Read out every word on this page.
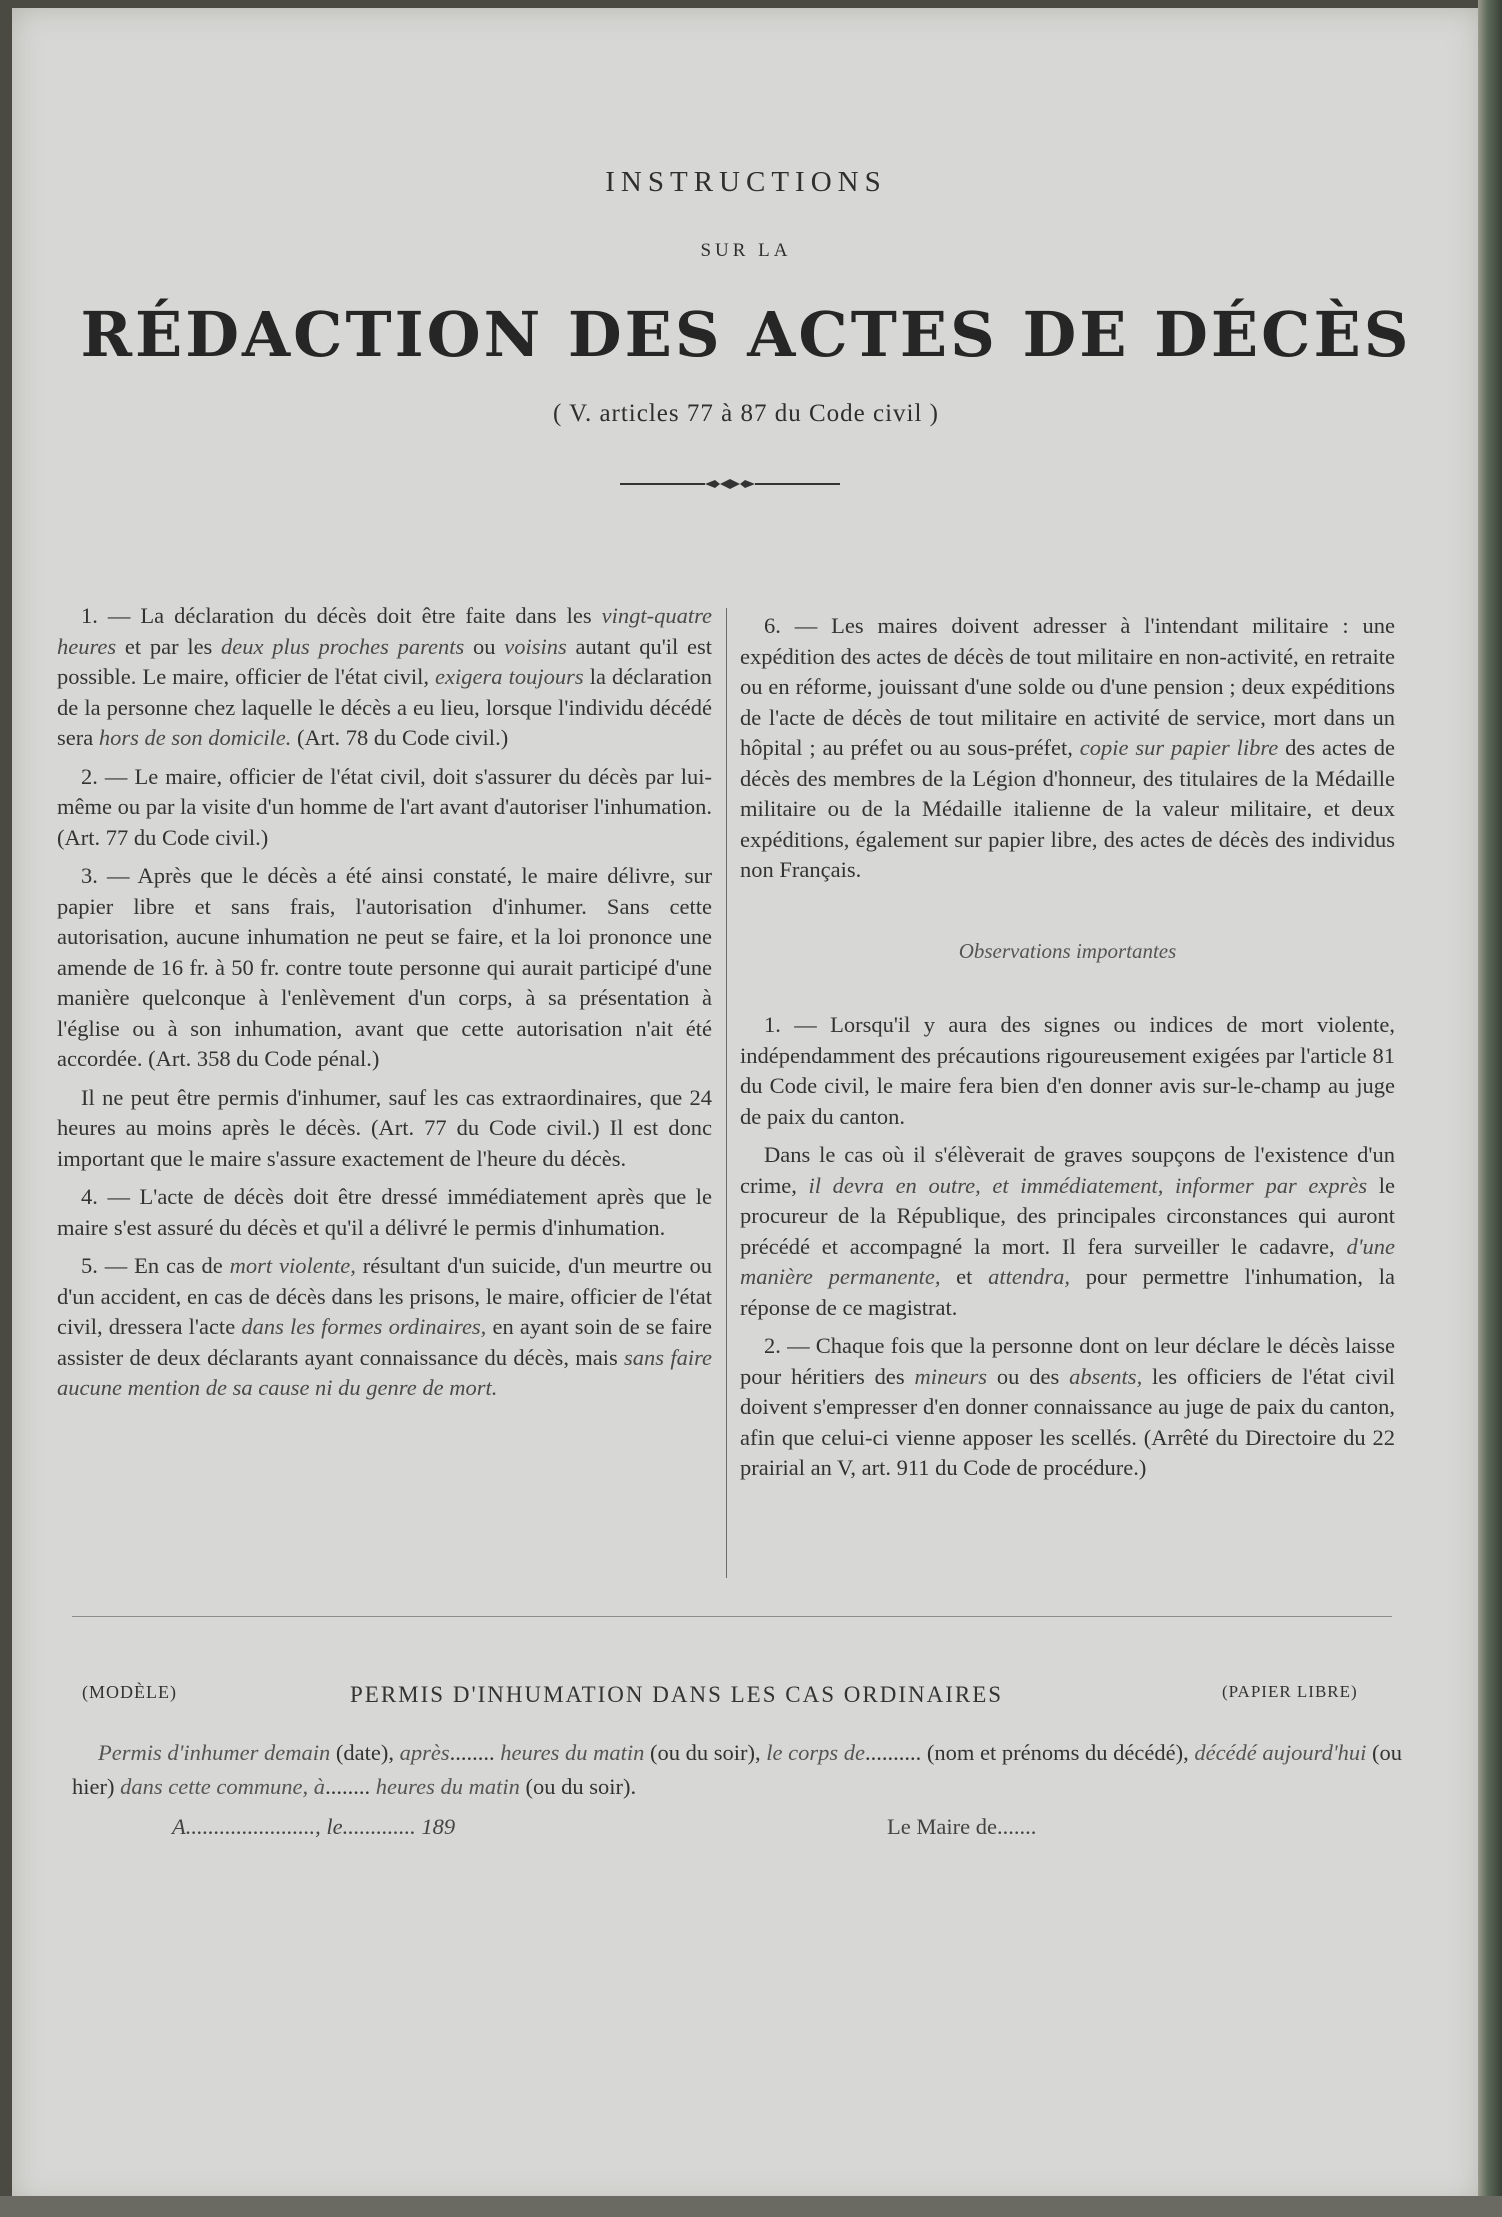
INSTRUCTIONS
SUR LA
RÉDACTION DES ACTES DE DÉCÈS
( V. articles 77 à 87 du Code civil )

1. — La déclaration du décès doit être faite dans les vingt-quatre heures et par les deux plus proches parents ou voisins autant qu'il est possible. Le maire, officier de l'état civil, exigera toujours la déclaration de la personne chez laquelle le décès a eu lieu, lorsque l'individu décédé sera hors de son domicile. (Art. 78 du Code civil.)

2. — Le maire, officier de l'état civil, doit s'assurer du décès par lui-même ou par la visite d'un homme de l'art avant d'autoriser l'inhumation. (Art. 77 du Code civil.)

3. — Après que le décès a été ainsi constaté, le maire délivre, sur papier libre et sans frais, l'autorisation d'inhumer. Sans cette autorisation, aucune inhumation ne peut se faire, et la loi prononce une amende de 16 fr. à 50 fr. contre toute personne qui aurait participé d'une manière quelconque à l'enlèvement d'un corps, à sa présentation à l'église ou à son inhumation, avant que cette autorisation n'ait été accordée. (Art. 358 du Code pénal.)

Il ne peut être permis d'inhumer, sauf les cas extraordinaires, que 24 heures au moins après le décès. (Art. 77 du Code civil.) Il est donc important que le maire s'assure exactement de l'heure du décès.

4. — L'acte de décès doit être dressé immédiatement après que le maire s'est assuré du décès et qu'il a délivré le permis d'inhumation.

5. — En cas de mort violente, résultant d'un suicide, d'un meurtre ou d'un accident, en cas de décès dans les prisons, le maire, officier de l'état civil, dressera l'acte dans les formes ordinaires, en ayant soin de se faire assister de deux déclarants ayant connaissance du décès, mais sans faire aucune mention de sa cause ni du genre de mort.

6. — Les maires doivent adresser à l'intendant militaire : une expédition des actes de décès de tout militaire en non-activité, en retraite ou en réforme, jouissant d'une solde ou d'une pension ; deux expéditions de l'acte de décès de tout militaire en activité de service, mort dans un hôpital ; au préfet ou au sous-préfet, copie sur papier libre des actes de décès des membres de la Légion d'honneur, des titulaires de la Médaille militaire ou de la Médaille italienne de la valeur militaire, et deux expéditions, également sur papier libre, des actes de décès des individus non Français.

Observations importantes

1. — Lorsqu'il y aura des signes ou indices de mort violente, indépendamment des précautions rigoureusement exigées par l'article 81 du Code civil, le maire fera bien d'en donner avis sur-le-champ au juge de paix du canton.

Dans le cas où il s'élèverait de graves soupçons de l'existence d'un crime, il devra en outre, et immédiatement, informer par exprès le procureur de la République, des principales circonstances qui auront précédé et accompagné la mort. Il fera surveiller le cadavre, d'une manière permanente, et attendra, pour permettre l'inhumation, la réponse de ce magistrat.

2. — Chaque fois que la personne dont on leur déclare le décès laisse pour héritiers des mineurs ou des absents, les officiers de l'état civil doivent s'empresser d'en donner connaissance au juge de paix du canton, afin que celui-ci vienne apposer les scellés. (Arrêté du Directoire du 22 prairial an V, art. 911 du Code de procédure.)

(MODÈLE)	PERMIS D'INHUMATION DANS LES CAS ORDINAIRES	(PAPIER LIBRE)
Permis d'inhumer demain (date), après........ heures du matin (ou du soir), le corps de.......... (nom et prénoms du décédé), décédé aujourd'hui (ou hier) dans cette commune, à........ heures du matin (ou du soir).
A......................., le............. 189	Le Maire de.......
